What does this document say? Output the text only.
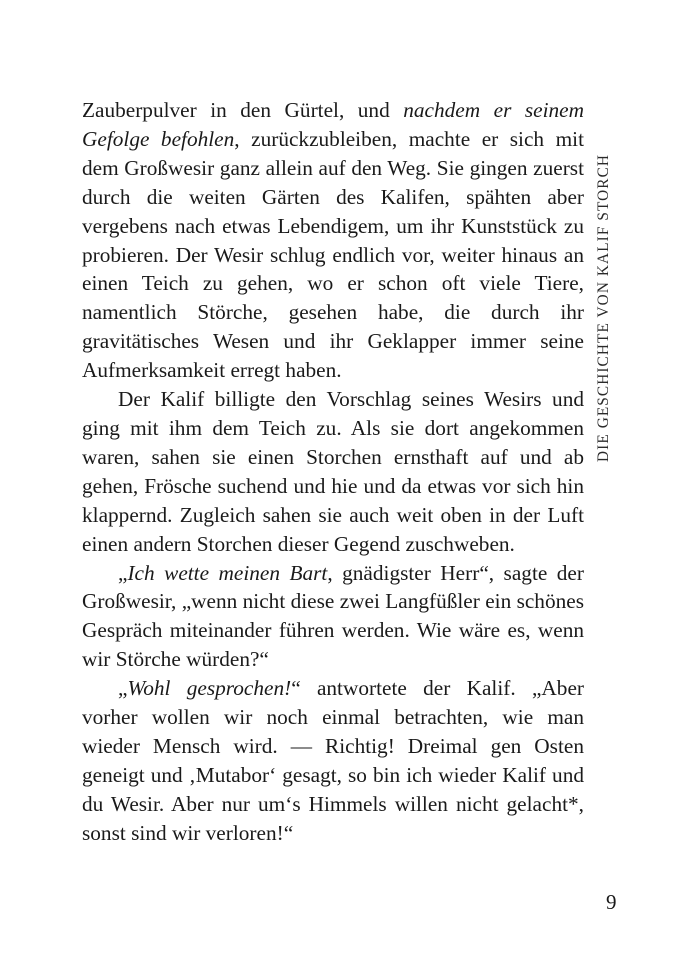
Zauberpulver in den Gürtel, und nachdem er seinem Gefolge befohlen, zurückzubleiben, machte er sich mit dem Großwesir ganz allein auf den Weg. Sie gingen zuerst durch die weiten Gärten des Kalifen, spähten aber vergebens nach etwas Lebendigem, um ihr Kunststück zu probieren. Der Wesir schlug endlich vor, weiter hinaus an einen Teich zu gehen, wo er schon oft viele Tiere, namentlich Störche, gesehen habe, die durch ihr gravitätisches Wesen und ihr Geklapper immer seine Aufmerksamkeit erregt haben.

Der Kalif billigte den Vorschlag seines Wesirs und ging mit ihm dem Teich zu. Als sie dort angekommen waren, sahen sie einen Storchen ernsthaft auf und ab gehen, Frösche suchend und hie und da etwas vor sich hin klappernd. Zugleich sahen sie auch weit oben in der Luft einen andern Storchen dieser Gegend zuschweben.

„Ich wette meinen Bart, gnädigster Herr“, sagte der Großwesir, „wenn nicht diese zwei Langfüßler ein schönes Gespräch miteinander führen werden. Wie wäre es, wenn wir Störche würden?“

„Wohl gesprochen!“ antwortete der Kalif. „Aber vorher wollen wir noch einmal betrachten, wie man wieder Mensch wird. — Richtig! Dreimal gen Osten geneigt und ‚Mutabor‘ gesagt, so bin ich wieder Kalif und du Wesir. Aber nur um‘s Himmels willen nicht gelacht*, sonst sind wir verloren!“

DIE GESCHICHTE VON KALIF STORCH
9
